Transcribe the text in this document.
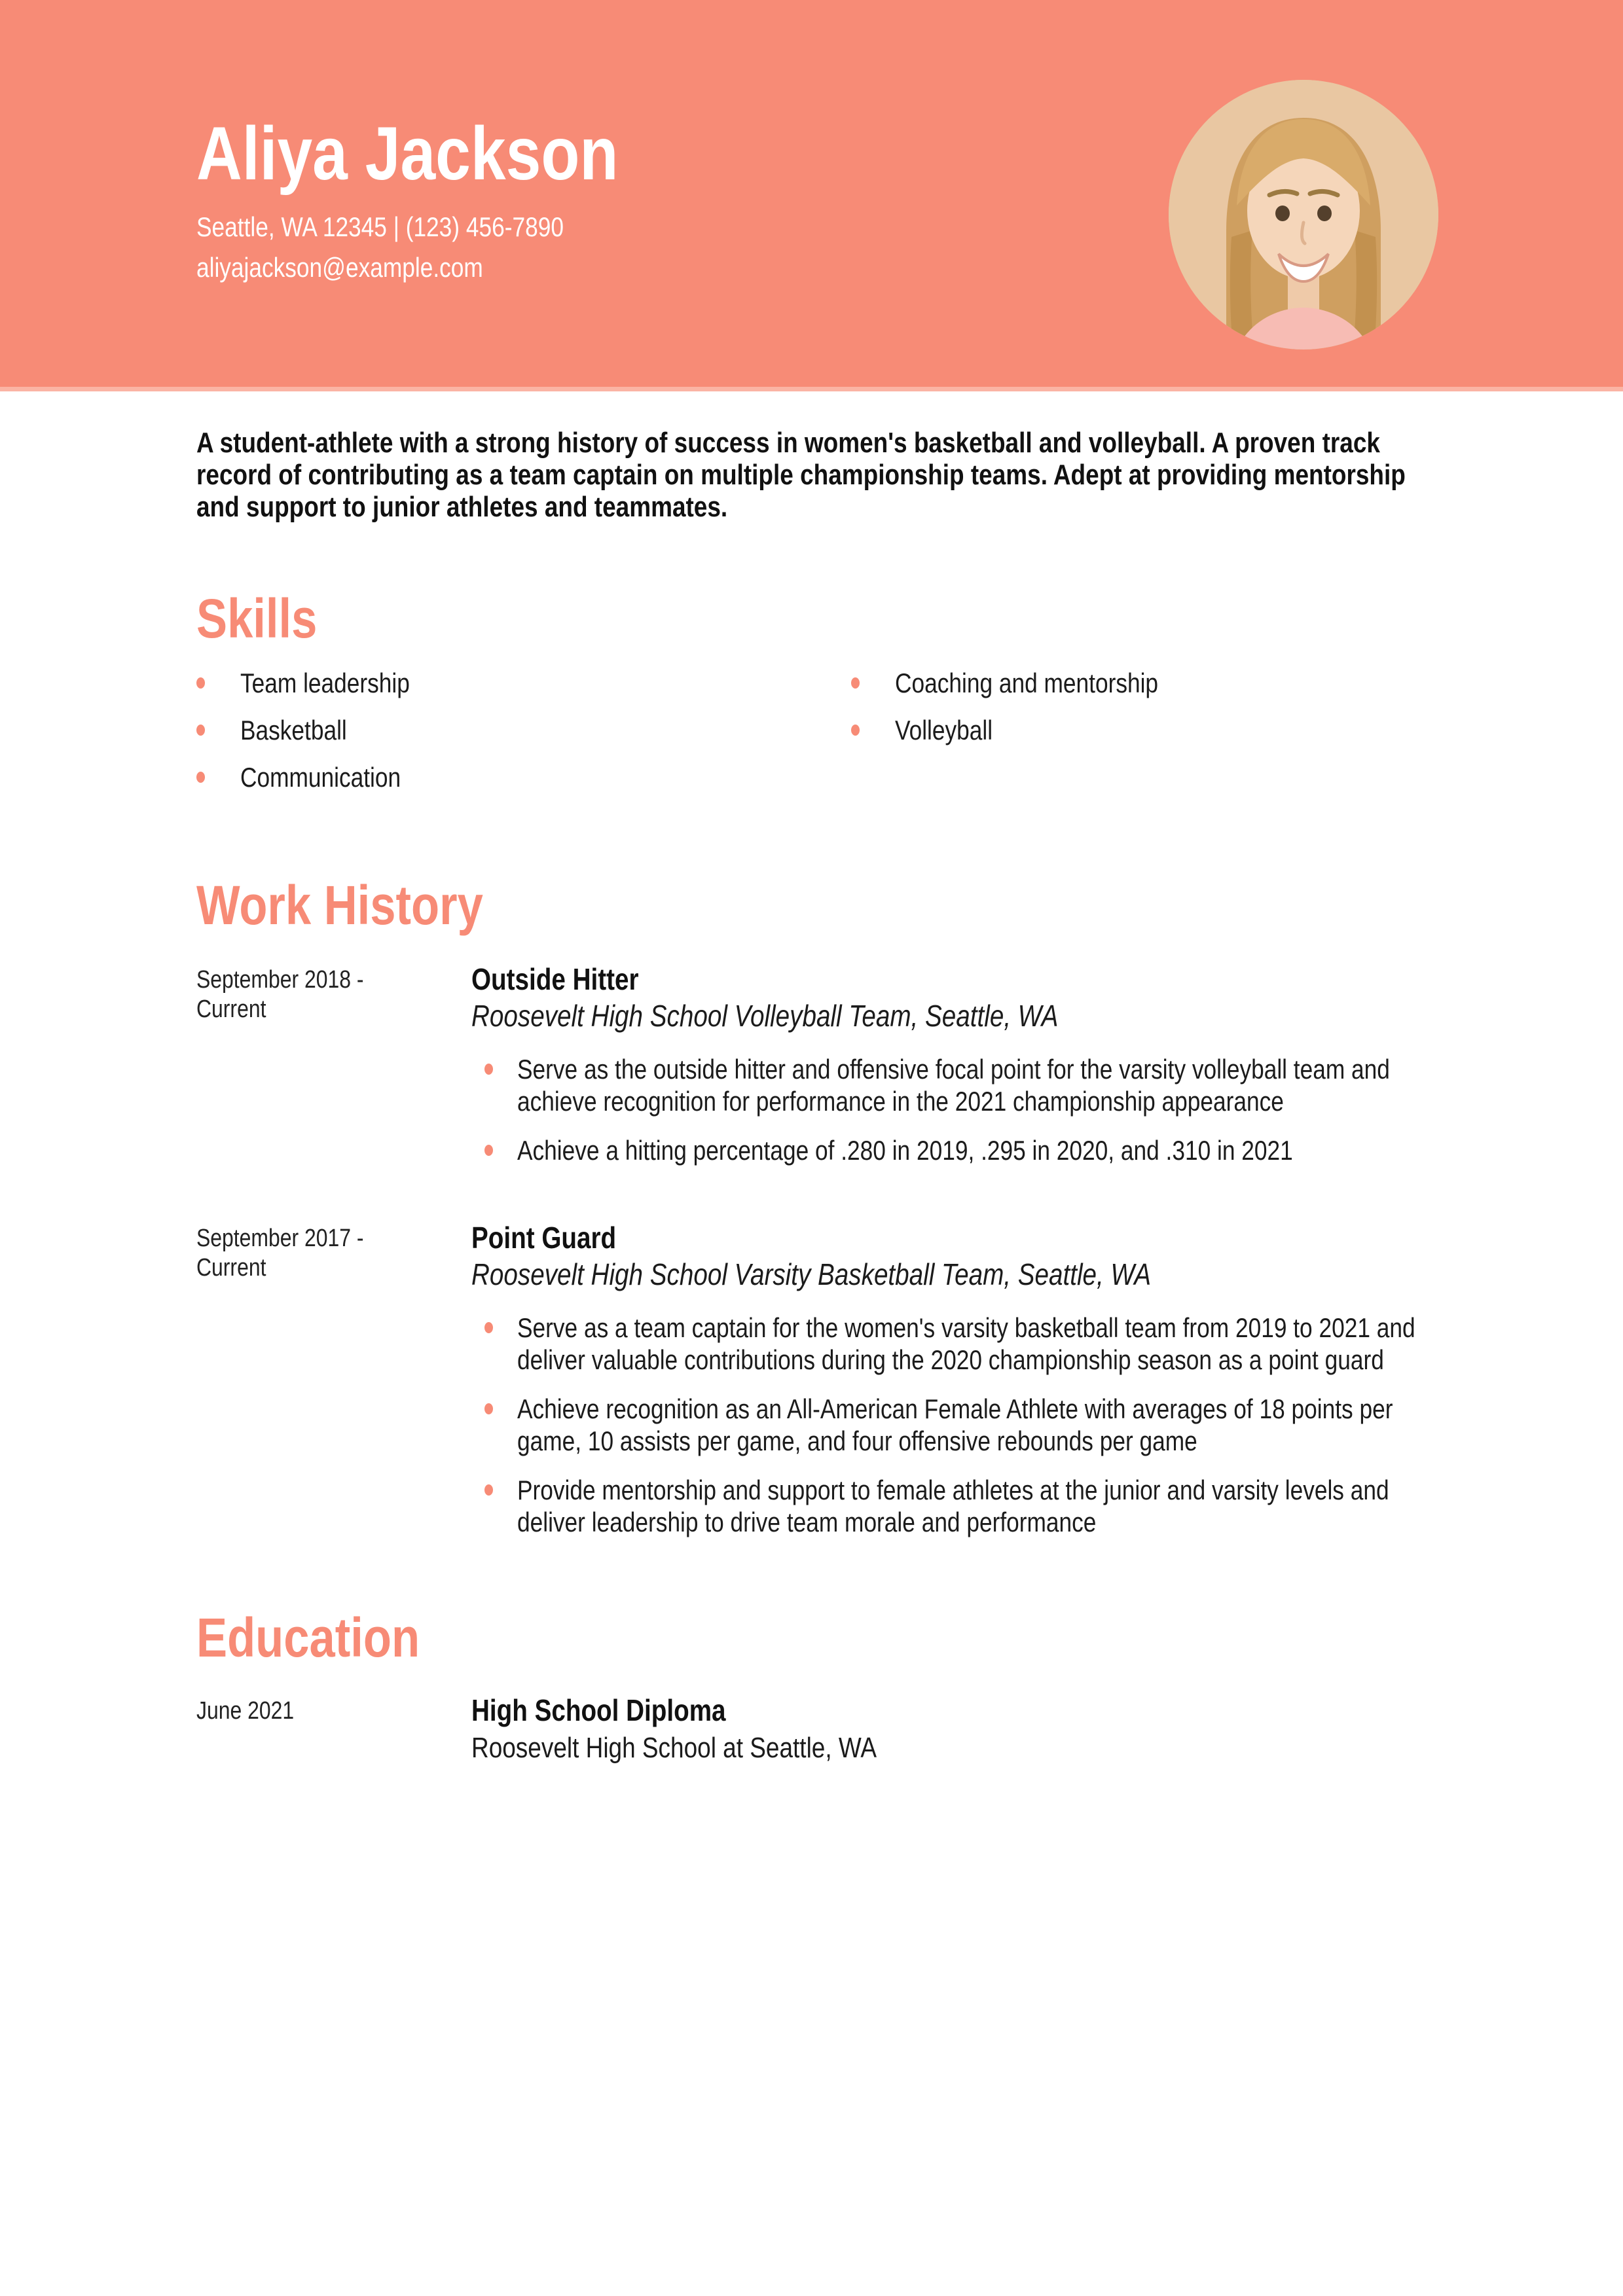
Aliya Jackson

Seattle, WA 12345 | (123) 456-7890

aliyajackson@example.com

A student-athlete with a strong history of success in women's basketball and volleyball. A proven track record of contributing as a team captain on multiple championship teams. Adept at providing mentorship and support to junior athletes and teammates.

Skills
Team leadership
Basketball
Communication
Coaching and mentorship
Volleyball
Work History
September 2018 - Current
Outside Hitter

Roosevelt High School Volleyball Team, Seattle, WA

Serve as the outside hitter and offensive focal point for the varsity volleyball team and achieve recognition for performance in the 2021 championship appearance
Achieve a hitting percentage of .280 in 2019, .295 in 2020, and .310 in 2021
September 2017 - Current
Point Guard

Roosevelt High School Varsity Basketball Team, Seattle, WA

Serve as a team captain for the women's varsity basketball team from 2019 to 2021 and deliver valuable contributions during the 2020 championship season as a point guard
Achieve recognition as an All-American Female Athlete with averages of 18 points per game, 10 assists per game, and four offensive rebounds per game
Provide mentorship and support to female athletes at the junior and varsity levels and deliver leadership to drive team morale and performance
Education
June 2021	High School Diploma

Roosevelt High School at Seattle, WA
